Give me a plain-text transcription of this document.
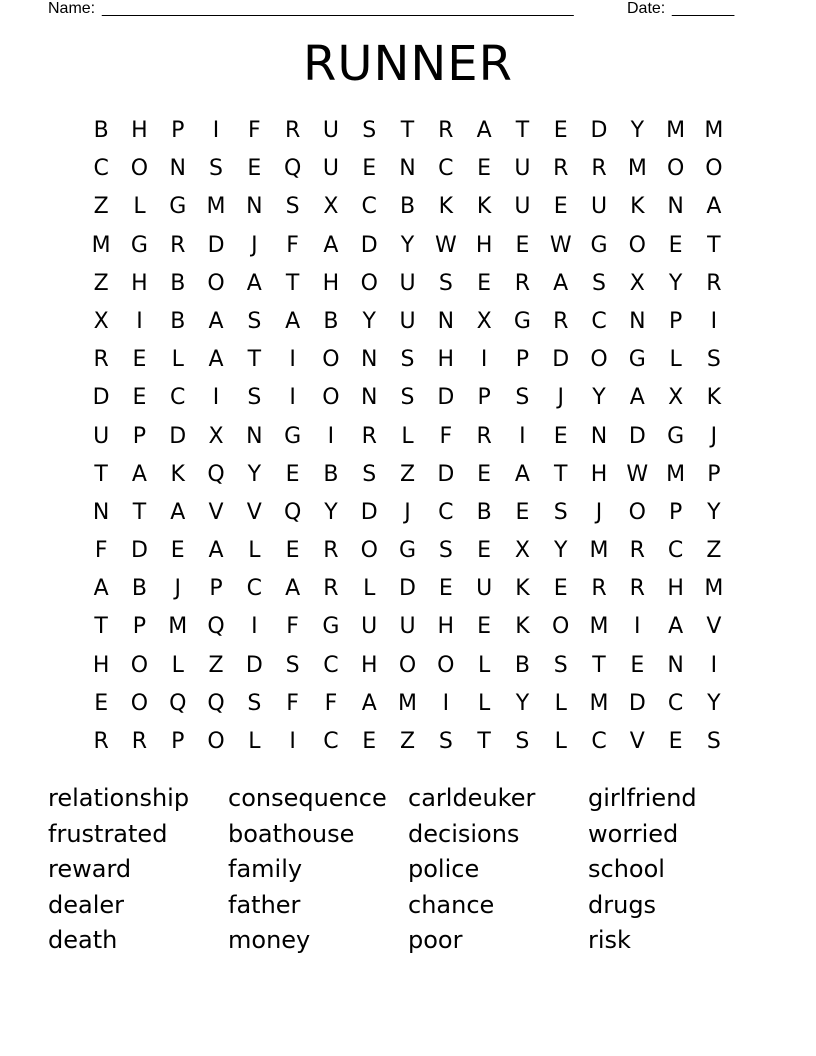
Name: _____________________________________________________	Date: _______
RUNNER
B	H	P	I	F	R	U	S	T	R	A	T	E	D	Y	M M
C O N	S	E	Q U	E	N	C	E	U	R	R M O O
Z	L	G M N	S	X	C	B	K	K	U	E	U	K	N	A
M G	R	D	J	F	A	D	Y W H	E W G O	E	T
Z	H	B	O	A	T	H O U	S	E	R	A	S	X	Y	R
X	I	B	A	S	A	B	Y	U	N	X	G	R	C	N	P	I
R	E	L	A	T	I	O N	S	H	I	P	D O G	L	S
D	E	C	I	S	I	O N	S	D	P	S	J	Y	A	X	K
U	P	D	X	N G	I	R	L	F	R	I	E	N D G	J
T	A	K	Q	Y	E	B	S	Z	D	E	A	T	H W M	P
N	T	A	V	V	Q	Y	D	J	C	B	E	S	J	O	P	Y
F	D	E	A	L	E	R O G	S	E	X	Y	M R	C	Z
A	B	J	P	C	A	R	L	D	E	U	K	E	R	R	H M
T	P	M Q	I	F	G U	U H	E	K	O M	I	A	V
H O	L	Z	D	S	C	H O O	L	B	S	T	E	N	I
E	O Q Q	S	F	F	A M	I	L	Y	L	M D	C	Y
R	R	P	O	L	I	C	E	Z	S	T	S	L	C	V	E	S
relationship	consequence carldeuker	girlfriend
frustrated	boathouse	decisions	worried
reward	family	police	school
dealer	father	chance	drugs
death	money	poor	risk
